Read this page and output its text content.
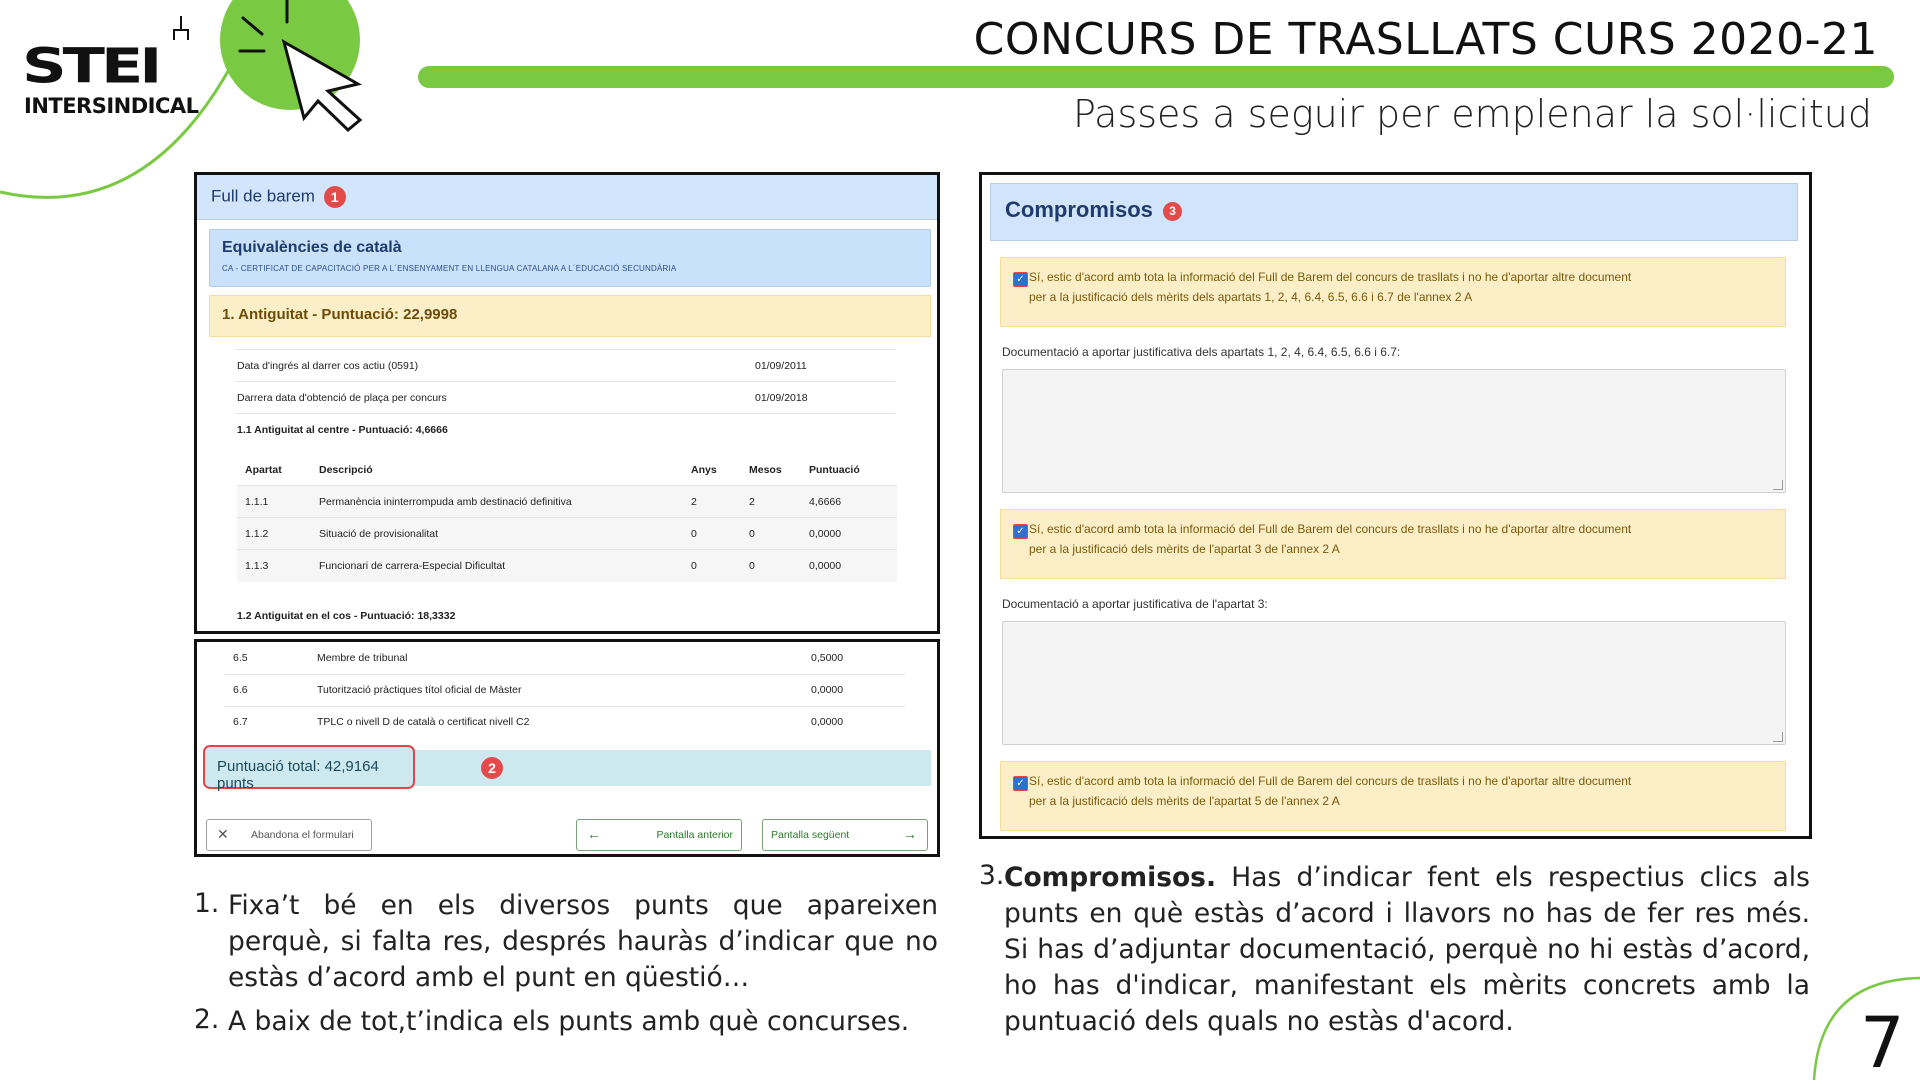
STEI
INTERSINDICAL
CONCURS DE TRASLLATS CURS 2020-21
Passes a seguir per emplenar la sol·licitud
Full de barem 1
Equivalències de català
CA - CERTIFICAT DE CAPACITACIÓ PER A L´ENSENYAMENT EN LLENGUA CATALANA A L´EDUCACIÓ SECUNDÀRIA
1. Antiguitat - Puntuació: 22,9998
Data d'ingrés al darrer cos actiu (0591)	01/09/2011
Darrera data d'obtenció de plaça per concurs	01/09/2018
1.1 Antiguitat al centre - Puntuació: 4,6666
Apartat	Descripció	Anys	Mesos	Puntuació
1.1.1	Permanència ininterrompuda amb destinació definitiva	2	2	4,6666
1.1.2	Situació de provisionalitat	0	0	0,0000
1.1.3	Funcionari de carrera-Especial Dificultat	0	0	0,0000
1.2 Antiguitat en el cos - Puntuació: 18,3332
6.5	Membre de tribunal	0,5000
6.6	Tutorització pràctiques títol oficial de Màster	0,0000
6.7	TPLC o nivell D de català o certificat nivell C2	0,0000
Puntuació total: 42,9164 punts
2
✕ Abandona el formulari	←	Pantalla anterior	Pantalla següent	→
Compromisos 3
✓ Sí, estic d'acord amb tota la informació del Full de Barem del concurs de trasllats i no he d'aportar altre document
per a la justificació dels mèrits dels apartats 1, 2, 4, 6.4, 6.5, 6.6 i 6.7 de l'annex 2 A
Documentació a aportar justificativa dels apartats 1, 2, 4, 6.4, 6.5, 6.6 i 6.7:
✓ Sí, estic d'acord amb tota la informació del Full de Barem del concurs de trasllats i no he d'aportar altre document
per a la justificació dels mèrits de l'apartat 3 de l'annex 2 A
Documentació a aportar justificativa de l'apartat 3:
✓ Sí, estic d'acord amb tota la informació del Full de Barem del concurs de trasllats i no he d'aportar altre document
per a la justificació dels mèrits de l'apartat 5 de l'annex 2 A
1. Fixa’t bé en els diversos punts que apareixen perquè, si falta res, després hauràs d’indicar que no estàs d’acord amb el punt en qüestió…
2. A baix de tot,t’indica els punts amb què concurses.
3. Compromisos. Has d’indicar fent els respectius clics als punts en què estàs d’acord i llavors no has de fer res més. Si has d’adjuntar documentació, perquè no hi estàs d’acord, ho has d'indicar, manifestant els mèrits concrets amb la puntuació dels quals no estàs d'acord.	7
